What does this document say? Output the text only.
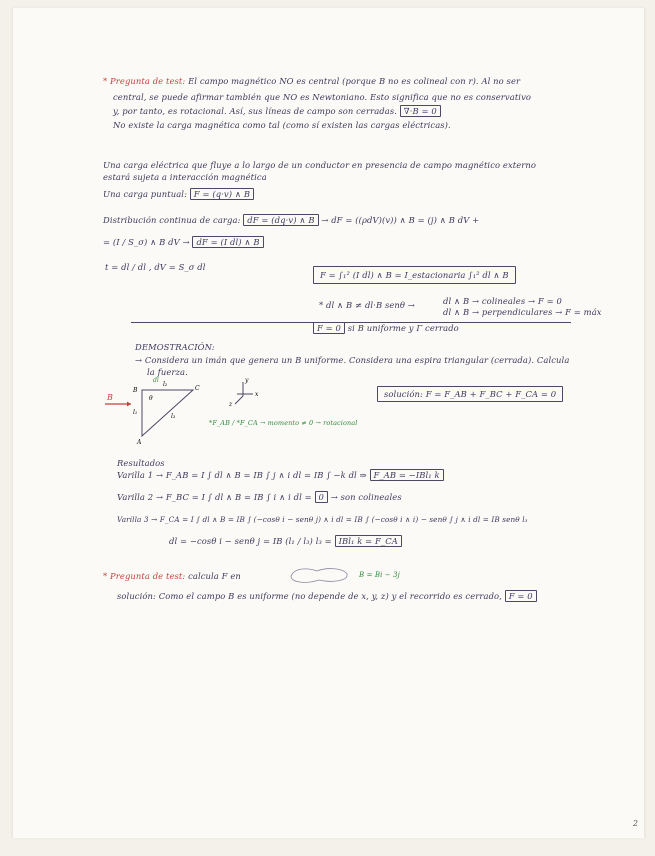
* Pregunta de test: El campo magnético NO es central (porque B no es colineal con r). Al no ser
central, se puede afirmar también que NO es Newtoniano. Esto significa que no es conservativo
y, por tanto, es rotacional. Así, sus líneas de campo son cerradas. ∇·B = 0
No existe la carga magnética como tal (como sí existen las cargas eléctricas).
Una carga eléctrica que fluye a lo largo de un conductor en presencia de campo magnético externo
estará sujeta a interacción magnética
Una carga puntual: F = (q·v) ∧ B
Distribución continua de carga: dF = (dq·v) ∧ B → dF = ((ρdV)(v)) ∧ B = (j) ∧ B dV +
= (I / S_σ) ∧ B dV → dF = (I dl) ∧ B
t = dl / dl , dV = S_σ dl
F = ∫₁² (I dl) ∧ B = I_estacionaria ∫₁² dl ∧ B
* dl ∧ B ≠ dl·B senθ →	dl ∧ B → colineales → F = 0
dl ∧ B → perpendiculares → F = máx
F = 0 si B uniforme y Γ cerrado
DEMOSTRACIÓN:
→ Considera un imán que genera un B uniforme. Considera una espira triangular (cerrada). Calcula
la fuerza.
B
B	C
A
l₁
l₂
l₃
dl
θ
x
y
z
solución: F = F_AB + F_BC + F_CA = 0
*F_AB / *F_CA → momento ≠ 0 → rotacional
Resultados
Varilla 1 → F_AB = I ∫ dl ∧ B = IB ∫ j ∧ i dl = IB ∫ −k dl ⇒ F_AB = −IBl₁ k
Varilla 2 → F_BC = I ∫ dl ∧ B = IB ∫ i ∧ i dl = 0 → son colineales
Varilla 3 → F_CA = I ∫ dl ∧ B = IB ∫ (−cosθ i − senθ j) ∧ i dl = IB ∫ (−cosθ i ∧ i) − senθ ∫ j ∧ i dl = IB senθ l₃
dl = −cosθ i − senθ j = IB (l₁ / l₃) l₃ = IBl₁ k = F_CA
* Pregunta de test: calcula F en	B = Bi − 3j
solución: Como el campo B es uniforme (no depende de x, y, z) y el recorrido es cerrado, F = 0
2
